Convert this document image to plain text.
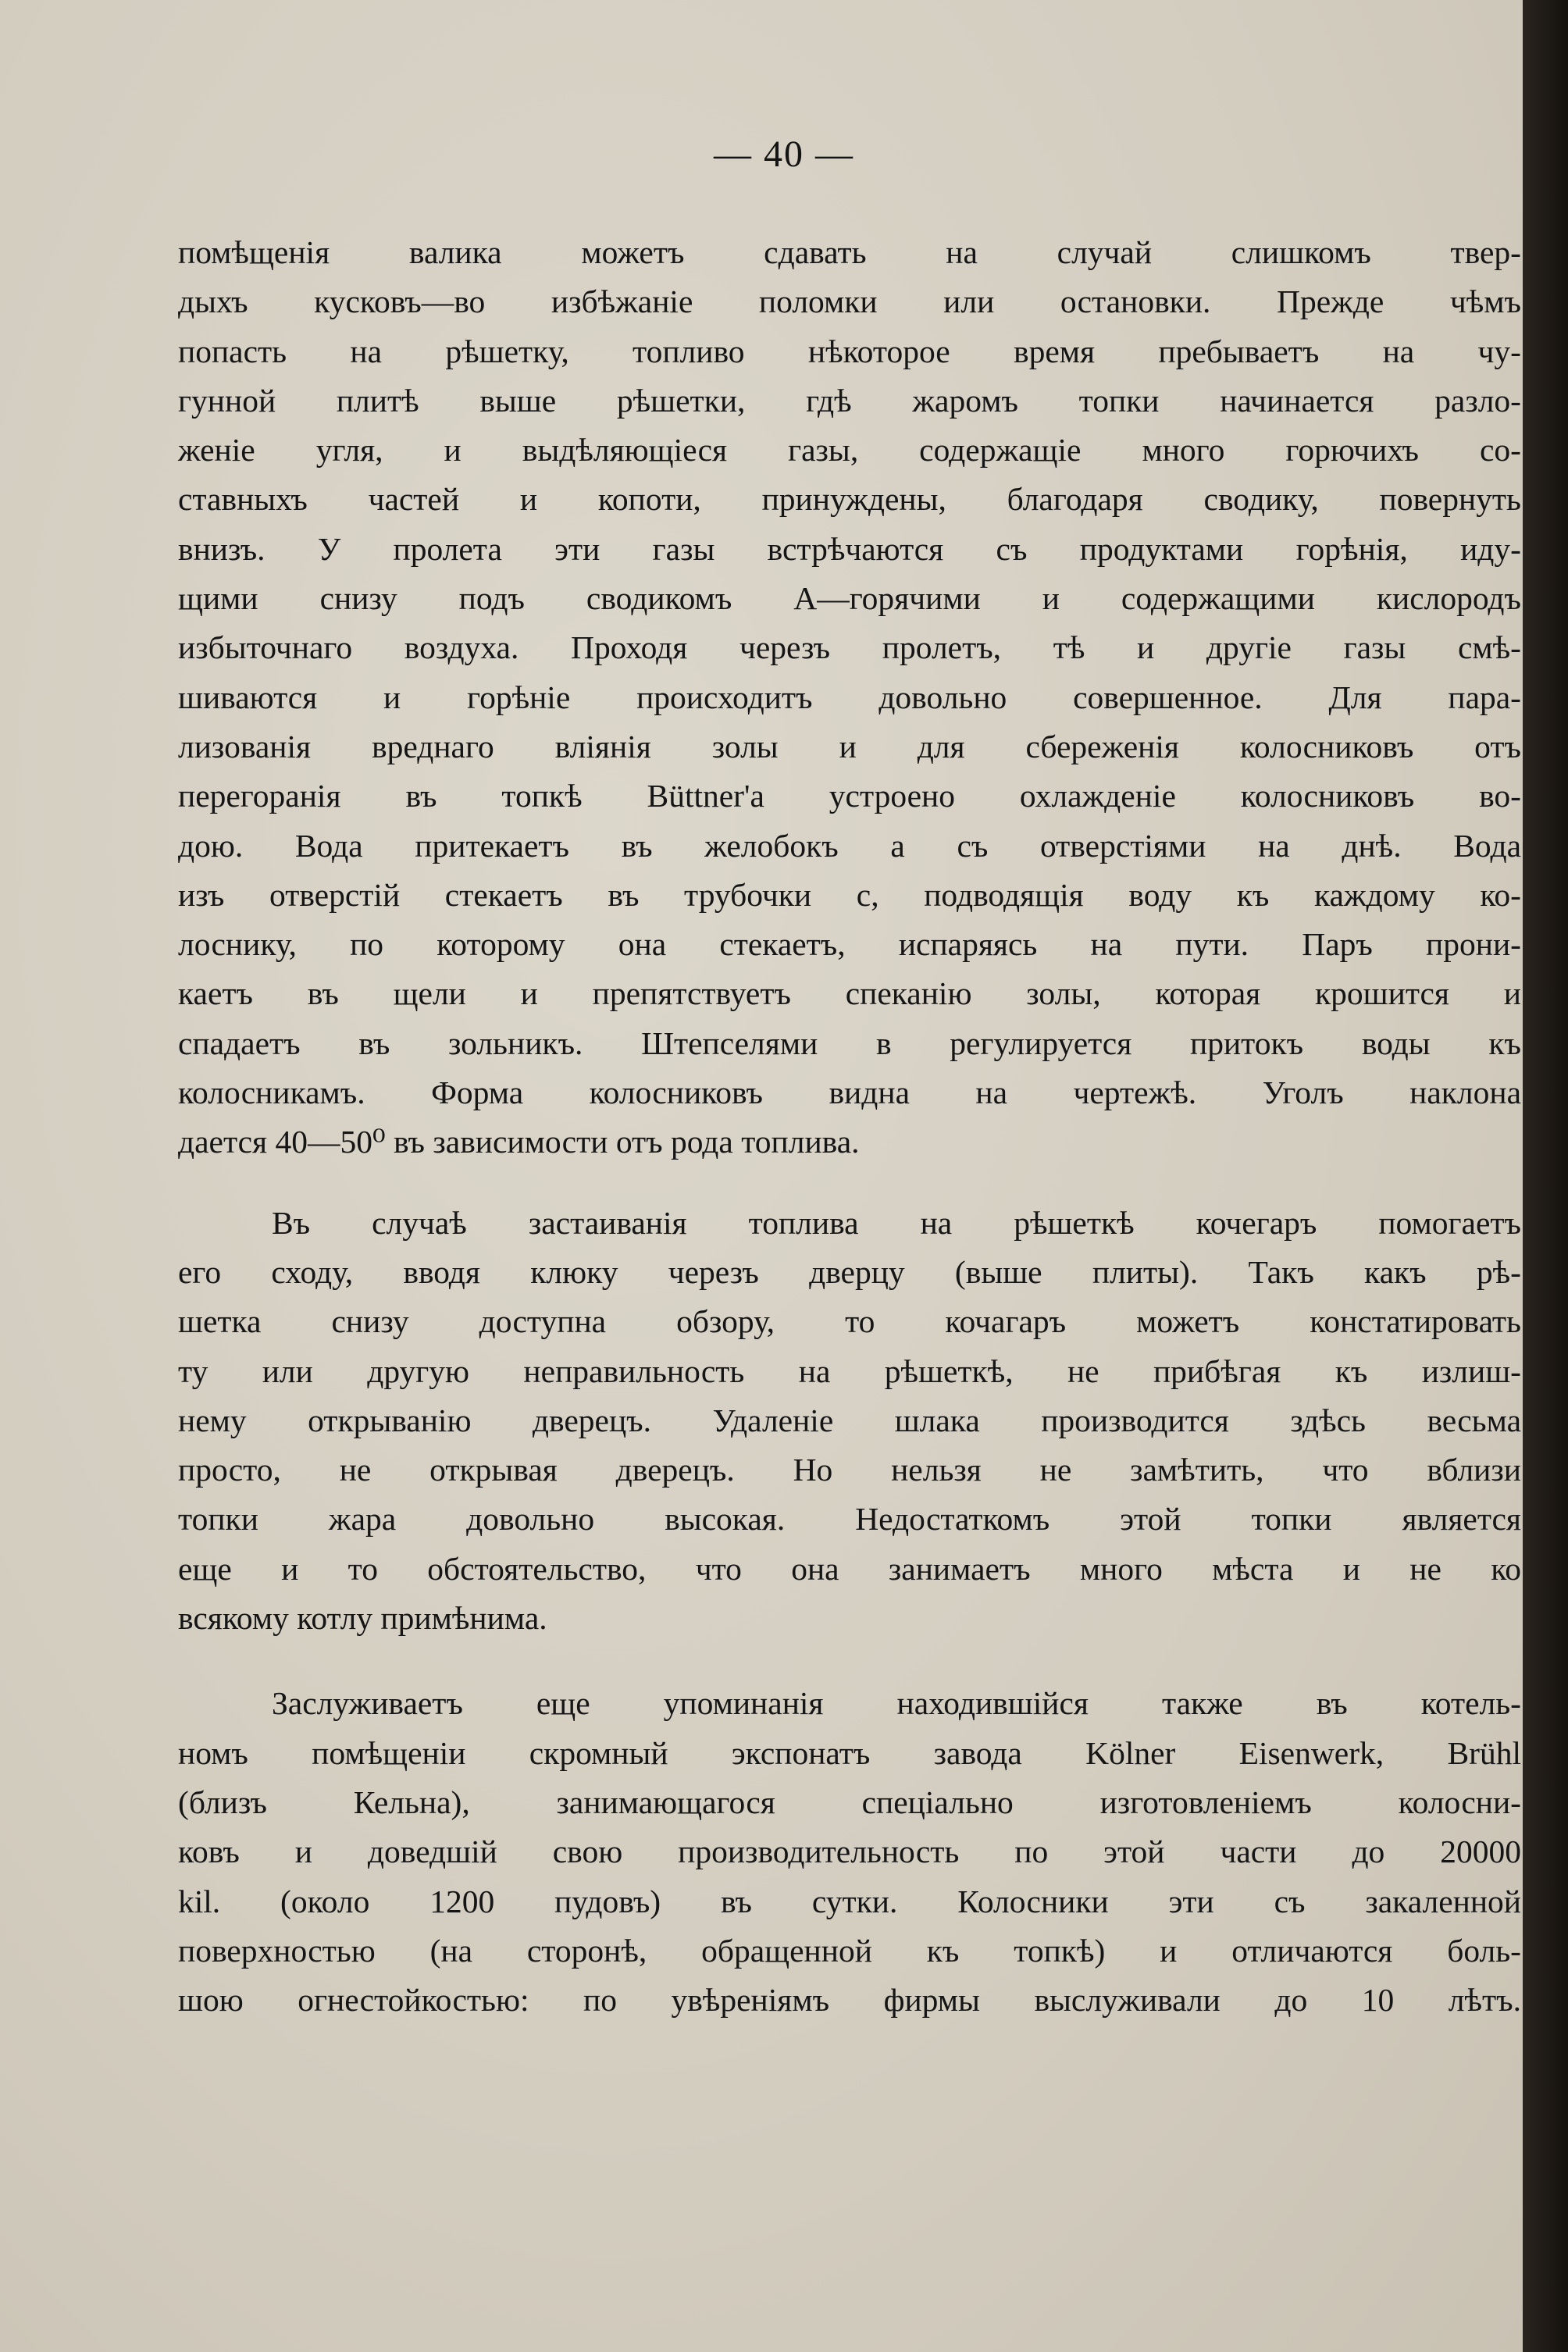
— 40 —
помѣщенія валика можетъ сдавать на случай слишкомъ твер-
дыхъ кусковъ—во избѣжаніе поломки или остановки. Прежде чѣмъ
попасть на рѣшетку, топливо нѣкоторое время пребываетъ на чу-
гунной плитѣ выше рѣшетки, гдѣ жаромъ топки начинается разло-
женіе угля, и выдѣляющіеся газы, содержащіе много горючихъ со-
ставныхъ частей и копоти, принуждены, благодаря сводику, повернуть
внизъ. У пролета эти газы встрѣчаются съ продуктами горѣнія, иду-
щими снизу подъ сводикомъ А—горячими и содержащими кислородъ
избыточнаго воздуха. Проходя черезъ пролетъ, тѣ и другіе газы смѣ-
шиваются и горѣніе происходитъ довольно совершенное. Для пара-
лизованія вреднаго вліянія золы и для сбереженія колосниковъ отъ
перегоранія въ топкѣ Büttner'а устроено охлажденіе колосниковъ во-
дою. Вода притекаетъ въ желобокъ a съ отверстіями на днѣ. Вода
изъ отверстій стекаетъ въ трубочки c, подводящія воду къ каждому ко-
лоснику, по которому она стекаетъ, испаряясь на пути. Паръ прони-
каетъ въ щели и препятствуетъ спеканію золы, которая крошится и
спадаетъ въ зольникъ. Штепселями в регулируется притокъ воды къ
колосникамъ. Форма колосниковъ видна на чертежѣ. Уголъ наклона
дается 40—50⁰ въ зависимости отъ рода топлива.
Въ случаѣ застаиванія топлива на рѣшеткѣ кочегаръ помогаетъ
его сходу, вводя клюку черезъ дверцу (выше плиты). Такъ какъ рѣ-
шетка снизу доступна обзору, то кочагаръ можетъ констатировать
ту или другую неправильность на рѣшеткѣ, не прибѣгая къ излиш-
нему открыванію дверецъ. Удаленіе шлака производится здѣсь весьма
просто, не открывая дверецъ. Но нельзя не замѣтить, что вблизи
топки жара довольно высокая. Недостаткомъ этой топки является
еще и то обстоятельство, что она занимаетъ много мѣста и не ко
всякому котлу примѣнима.
Заслуживаетъ еще упоминанія находившійся также въ котель-
номъ помѣщеніи скромный экспонатъ завода Kölner Eisenwerk, Brühl
(близъ Кельна), занимающагося спеціально изготовленіемъ колосни-
ковъ и доведшій свою производительность по этой части до 20000
kil. (около 1200 пудовъ) въ сутки. Колосники эти съ закаленной
поверхностью (на сторонѣ, обращенной къ топкѣ) и отличаются боль-
шою огнестойкостью: по увѣреніямъ фирмы выслуживали до 10 лѣтъ.
